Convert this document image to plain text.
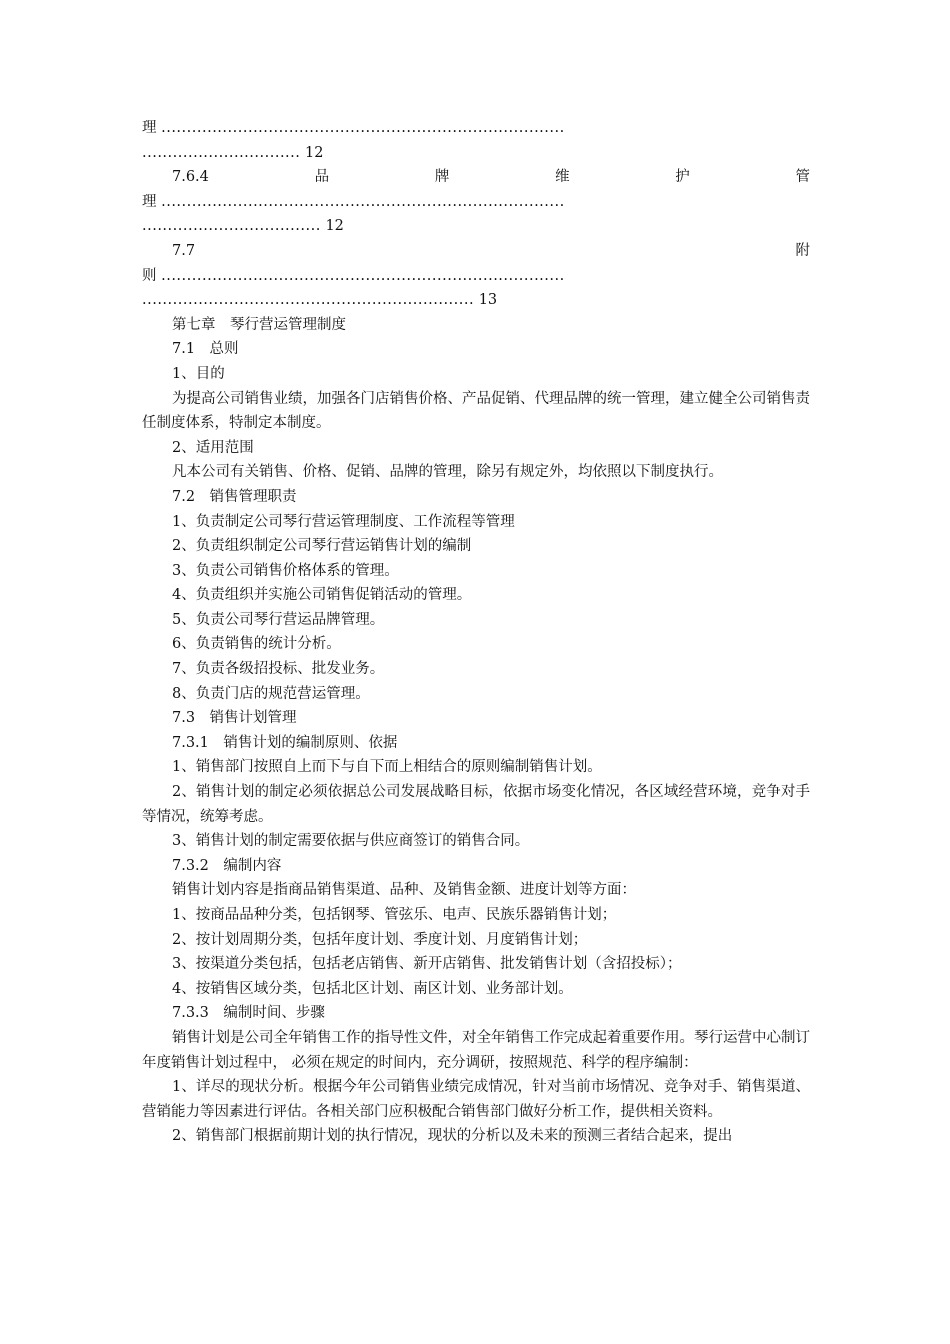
理 ...............................................................................
............................... 12
7.6.4	品	牌	维	护	管
理 ...............................................................................
................................... 12
7.7	附
则 ...............................................................................
................................................................. 13
第七章　琴行营运管理制度
7.1　总则
1、目的
为提高公司销售业绩，加强各门店销售价格、产品促销、代理品牌的统一管理，建立健全公司销售责任制度体系，特制定本制度。
2、适用范围
凡本公司有关销售、价格、促销、品牌的管理，除另有规定外，均依照以下制度执行。
7.2　销售管理职责
1、负责制定公司琴行营运管理制度、工作流程等管理
2、负责组织制定公司琴行营运销售计划的编制
3、负责公司销售价格体系的管理。
4、负责组织并实施公司销售促销活动的管理。
5、负责公司琴行营运品牌管理。
6、负责销售的统计分析。
7、负责各级招投标、批发业务。
8、负责门店的规范营运管理。
7.3　销售计划管理
7.3.1　销售计划的编制原则、依据
1、销售部门按照自上而下与自下而上相结合的原则编制销售计划。
2、销售计划的制定必须依据总公司发展战略目标，依据市场变化情况，各区域经营环境，竞争对手等情况，统筹考虑。
3、销售计划的制定需要依据与供应商签订的销售合同。
7.3.2　编制内容
销售计划内容是指商品销售渠道、品种、及销售金额、进度计划等方面：
1、按商品品种分类，包括钢琴、管弦乐、电声、民族乐器销售计划；
2、按计划周期分类，包括年度计划、季度计划、月度销售计划；
3、按渠道分类包括，包括老店销售、新开店销售、批发销售计划（含招投标）；
4、按销售区域分类，包括北区计划、南区计划、业务部计划。
7.3.3　编制时间、步骤
销售计划是公司全年销售工作的指导性文件，对全年销售工作完成起着重要作用。琴行运营中心制订年度销售计划过程中， 必须在规定的时间内，充分调研，按照规范、科学的程序编制：
1、详尽的现状分析。根据今年公司销售业绩完成情况，针对当前市场情况、竞争对手、销售渠道、营销能力等因素进行评估。各相关部门应积极配合销售部门做好分析工作，提供相关资料。
2、销售部门根据前期计划的执行情况，现状的分析以及未来的预测三者结合起来，提出
